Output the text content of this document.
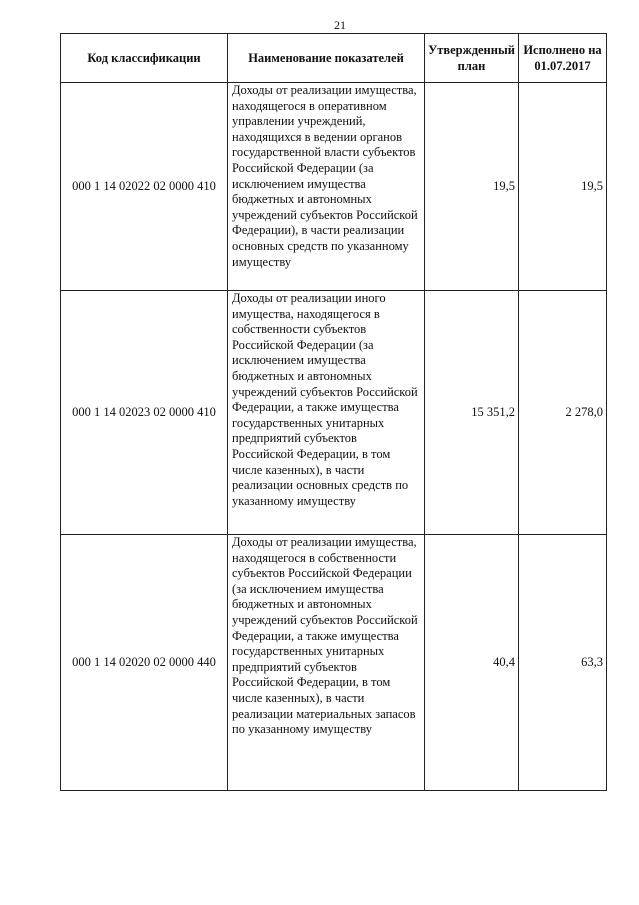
21
Код классификации	Наименование показателей	Утвержденный план	Исполнено на 01.07.2017
000 1 14 02022 02 0000 410	Доходы от реализации имущества, находящегося в оперативном управлении учреждений, находящихся в ведении органов государственной власти субъектов Российской Федерации (за исключением имущества бюджетных и автономных учреждений субъектов Российской Федерации), в части реализации основных средств по указанному имуществу	19,5	19,5
000 1 14 02023 02 0000 410	Доходы от реализации иного имущества, находящегося в собственности субъектов Российской Федерации (за исключением имущества бюджетных и автономных учреждений субъектов Российской Федерации, а также имущества государственных унитарных предприятий субъектов Российской Федерации, в том числе казенных), в части реализации основных средств по указанному имуществу	15 351,2	2 278,0
000 1 14 02020 02 0000 440	Доходы от реализации имущества, находящегося в собственности субъектов Российской Федерации (за исключением имущества бюджетных и автономных учреждений субъектов Российской Федерации, а также имущества государственных унитарных предприятий субъектов Российской Федерации, в том числе казенных), в части реализации материальных запасов по указанному имуществу	40,4	63,3
